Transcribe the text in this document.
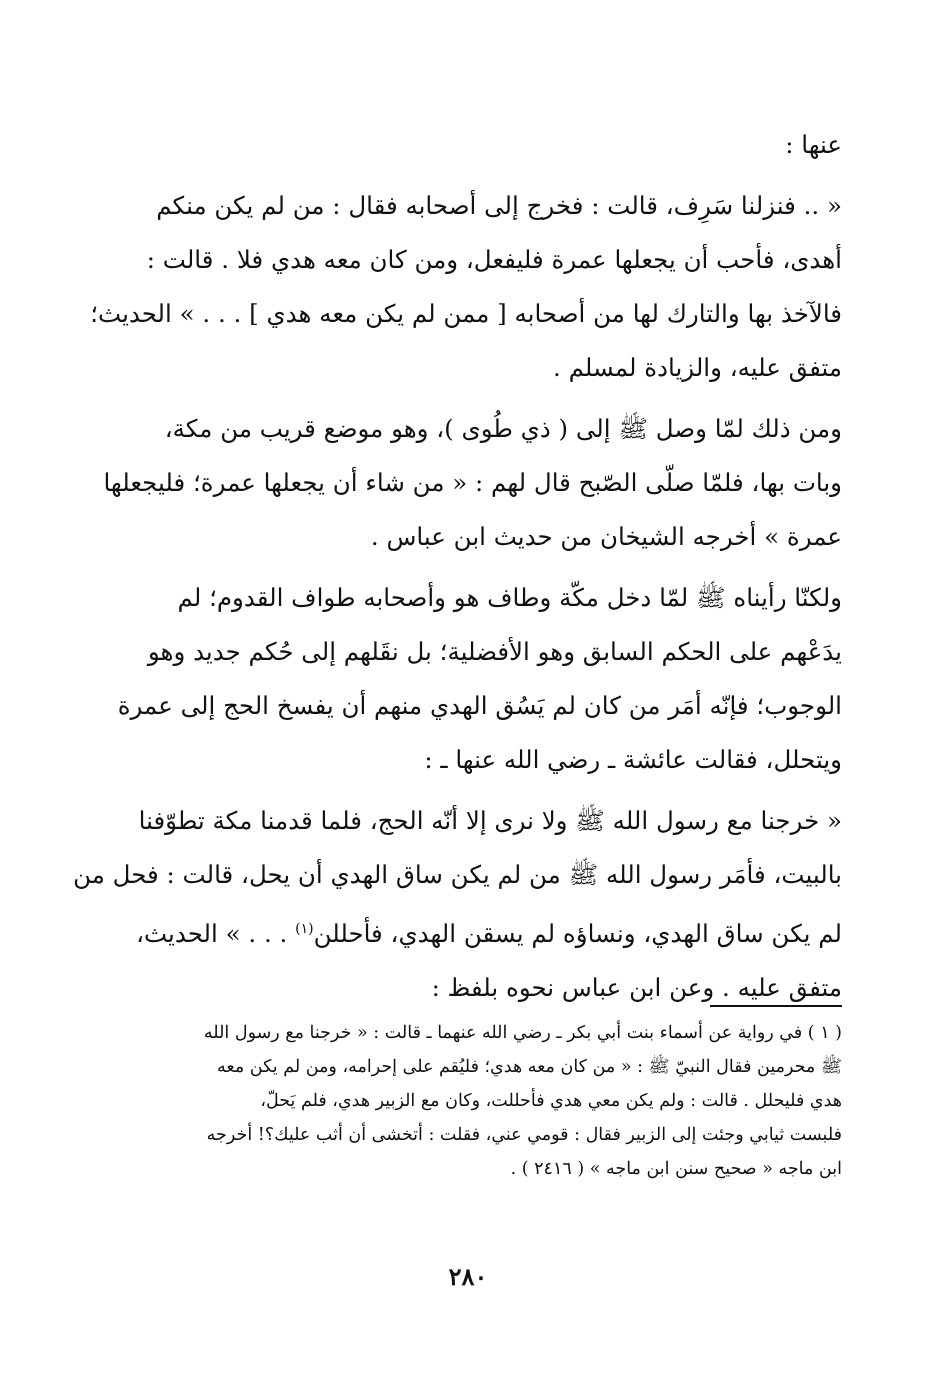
عنها :

« .. فنزلنا سَرِف، قالت : فخرج إلى أصحابه فقال : من لم يكن منكم
أهدى، فأحب أن يجعلها عمرة فليفعل، ومن كان معه هدي فلا . قالت :
فالآخذ بها والتارك لها من أصحابه [ ممن لم يكن معه هدي ] . . . » الحديث؛
متفق عليه، والزيادة لمسلم .

ومن ذلك لمّا وصل ﷺ إلى ( ذي طُوى )، وهو موضع قريب من مكة،
وبات بها، فلمّا صلّى الصّبح قال لهم : « من شاء أن يجعلها عمرة؛ فليجعلها
عمرة » أخرجه الشيخان من حديث ابن عباس .

ولكنّا رأيناه ﷺ لمّا دخل مكّة وطاف هو وأصحابه طواف القدوم؛ لم
يدَعْهم على الحكم السابق وهو الأفضلية؛ بل نقَلهم إلى حُكم جديد وهو
الوجوب؛ فإنّه أمَر من كان لم يَسُق الهدي منهم أن يفسخ الحج إلى عمرة
ويتحلل، فقالت عائشة ـ رضي الله عنها ـ :

« خرجنا مع رسول الله ﷺ ولا نرى إلا أنّه الحج، فلما قدمنا مكة تطوّفنا
بالبيت، فأمَر رسول الله ﷺ من لم يكن ساق الهدي أن يحل، قالت : فحل من
لم يكن ساق الهدي، ونساؤه لم يسقن الهدي، فأحللن$^{(١)}$ . . . » الحديث،
متفق عليه . وعن ابن عباس نحوه بلفظ :

( ١ ) في رواية عن أسماء بنت أبي بكر ـ رضي الله عنهما ـ قالت : « خرجنا مع رسول الله
ﷺ محرمين فقال النبيّ ﷺ : « من كان معه هدي؛ فليُقم على إحرامه، ومن لم يكن معه
هدي فليحلل . قالت : ولم يكن معي هدي فأحللت، وكان مع الزبير هدي، فلم يَحلّ،
فلبست ثيابي وجئت إلى الزبير فقال : قومي عني، فقلت : أتخشى أن أثب عليك؟! أخرجه
ابن ماجه « صحيح سنن ابن ماجه » ( ٢٤١٦ ) .
٢٨٠
